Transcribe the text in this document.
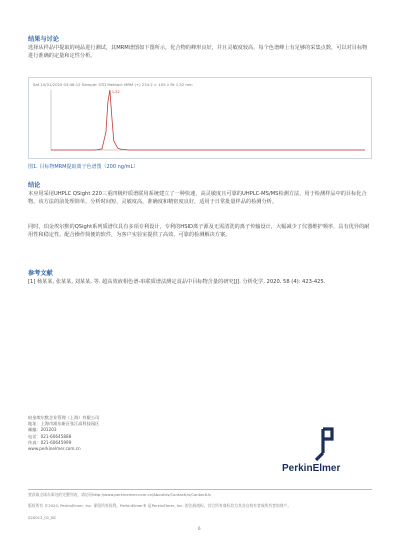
结果与讨论
选择从样品中提取的纯品进行测试，其MRM谱图如下图所示，化合物的峰形良好，并且灵敏度较高，每个色谱峰上有足够的采集点数，可以对目标物进行准确的定量和定性分析。
Sat 10/31/2020 03:48:12 Sample: STD Method: MRM (+) 234.2 > 105.1 Rt 1.52 min
1.52
图1. 目标物MRM提取离子色谱图（200 ng/mL）
结论
本应用采用UHPLC QSight 220三重四极杆质谱联用系统建立了一种快速、高灵敏度且可靠的UHPLC-MS/MS检测方法，用于检测样品中的目标化合物。该方法的前处理简单，分析时间短，灵敏度高，准确度和精密度良好，适用于日常批量样品的检测分析。
同时，珀金埃尔默的QSight系列质谱仪具有多项专利设计，专利的HSID离子源及无需清洗的离子传输设计，大幅减少了仪器维护频率，具有优异的耐用性和稳定性。配合操作简便的软件，为客户实验室提供了高效、可靠的检测解决方案。
参考文献
[1] 杨某某, 张某某, 刘某某, 等. 超高效液相色谱-串联质谱法测定食品中目标物含量的研究[J]. 分析化学, 2020, 58 (4): 423-425.
珀金埃尔默企业管理（上海）有限公司
地址：上海市浦东新区张江高科技园区
邮编：201203
电话：021-60645888
传真：021-60645999
www.perkinelmer.com.cn
PerkinElmer
要获取全球办事处的完整列表，请访问http://www.perkinelmer.com.cn/AboutUs/ContactUs/ContactUs
版权所有 ©2020, PerkinElmer, Inc. 保留所有权利。PerkinElmer® 是PerkinElmer, Inc. 的注册商标。其它所有商标均为其各自持有者或所有者的财产。
020012_01_BC
6
